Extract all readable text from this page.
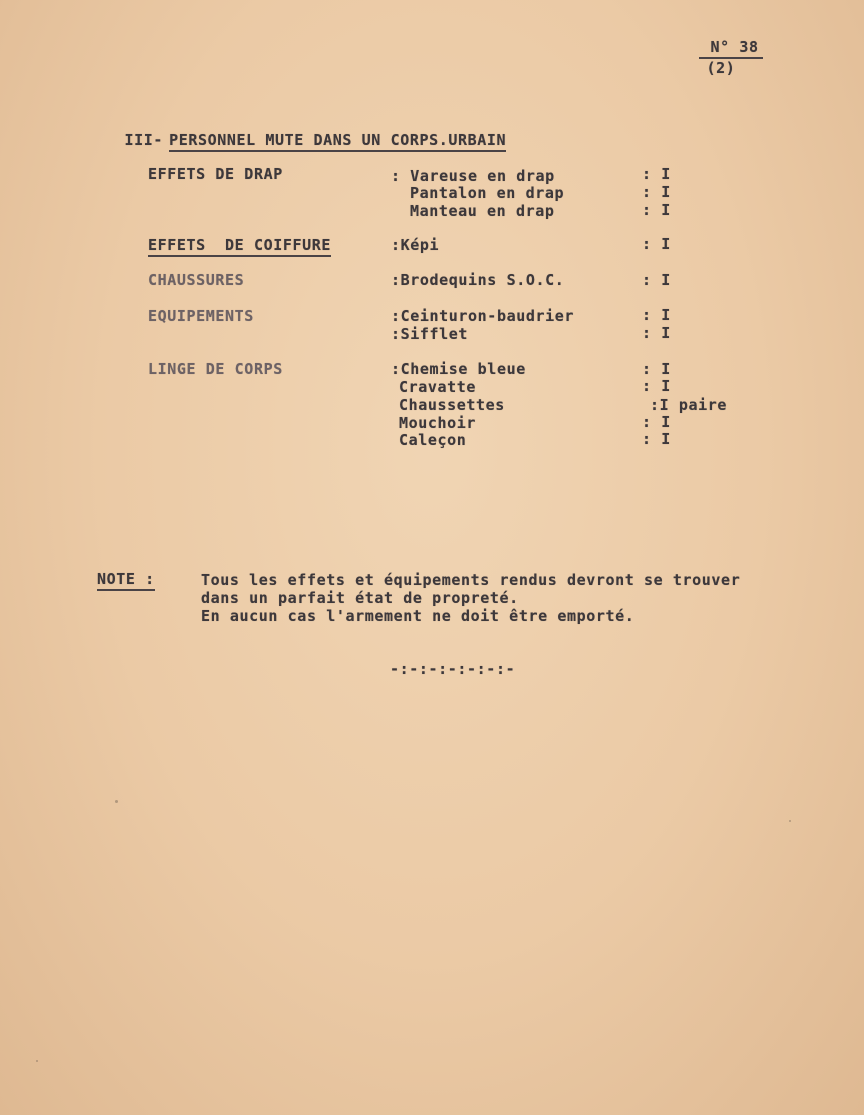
N° 38
(2)

III- PERSONNEL MUTE DANS UN CORPS.URBAIN

EFFETS DE DRAP	: Vareuse en drap	: I
Pantalon en drap	: I
Manteau en drap	: I
EFFETS  DE COIFFURE	:Képi	: I
CHAUSSURES	:Brodequins S.O.C.	: I
EQUIPEMENTS	:Ceinturon-baudrier	: I
:Sifflet	: I
LINGE DE CORPS	:Chemise bleue	: I
Cravatte	: I
Chaussettes	:I paire
Mouchoir	: I
Caleçon	: I
NOTE :	Tous les effets et équipements rendus devront se trouver
dans un parfait état de propreté.
En aucun cas l'armement ne doit être emporté.
-:-:-:-:-:-:-
